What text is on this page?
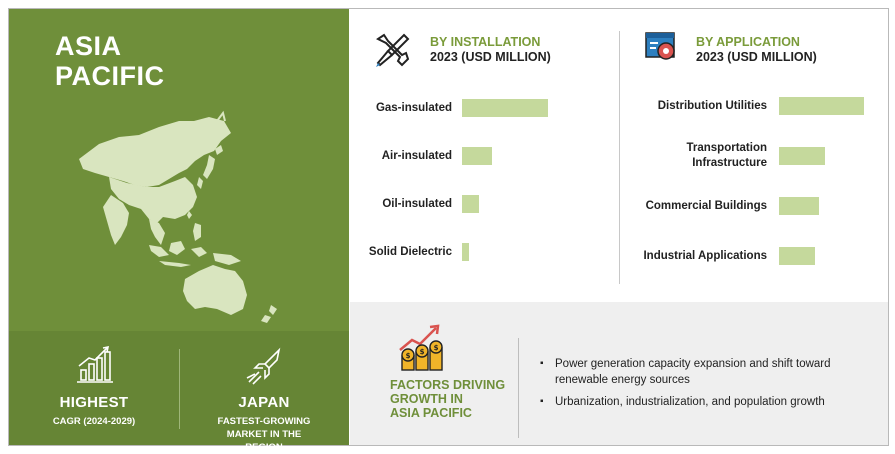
ASIA
PACIFIC
HIGHEST
CAGR (2024-2029)
JAPAN
FASTEST-GROWING MARKET IN THE REGION
BY INSTALLATION
2023 (USD MILLION)
Gas-insulated
Air-insulated
Oil-insulated
Solid Dielectric
BY APPLICATION
2023 (USD MILLION)
Distribution Utilities
Transportation Infrastructure
Commercial Buildings
Industrial Applications
$ $ $
FACTORS DRIVING
GROWTH IN
ASIA PACIFIC
▪ Power generation capacity expansion and shift toward renewable energy sources
▪ Urbanization, industrialization, and population growth
